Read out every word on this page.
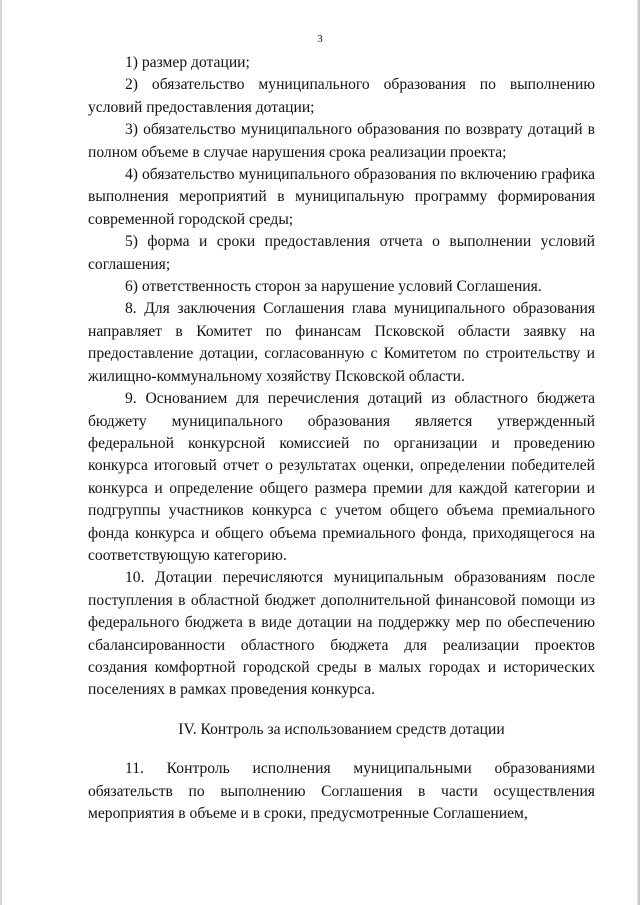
3

1) размер дотации;

2) обязательство муниципального образования по выполнению условий предоставления дотации;

3) обязательство муниципального образования по возврату дотаций в полном объеме в случае нарушения срока реализации проекта;

4) обязательство муниципального образования по включению графика выполнения мероприятий в муниципальную программу формирования современной городской среды;

5) форма и сроки предоставления отчета о выполнении условий соглашения;

6) ответственность сторон за нарушение условий Соглашения.

8. Для заключения Соглашения глава муниципального образования направляет в Комитет по финансам Псковской области заявку на предоставление дотации, согласованную с Комитетом по строительству и жилищно-коммунальному хозяйству Псковской области.

9. Основанием для перечисления дотаций из областного бюджета бюджету муниципального образования является утвержденный федеральной конкурсной комиссией по организации и проведению конкурса итоговый отчет о результатах оценки, определении победителей конкурса и определение общего размера премии для каждой категории и подгруппы участников конкурса с учетом общего объема премиального фонда конкурса и общего объема премиального фонда, приходящегося на соответствующую категорию.

10. Дотации перечисляются муниципальным образованиям после поступления в областной бюджет дополнительной финансовой помощи из федерального бюджета в виде дотации на поддержку мер по обеспечению сбалансированности областного бюджета для реализации проектов создания комфортной городской среды в малых городах и исторических поселениях в рамках проведения конкурса.

IV. Контроль за использованием средств дотации

11. Контроль исполнения муниципальными образованиями обязательств по выполнению Соглашения в части осуществления мероприятия в объеме и в сроки, предусмотренные Соглашением,
